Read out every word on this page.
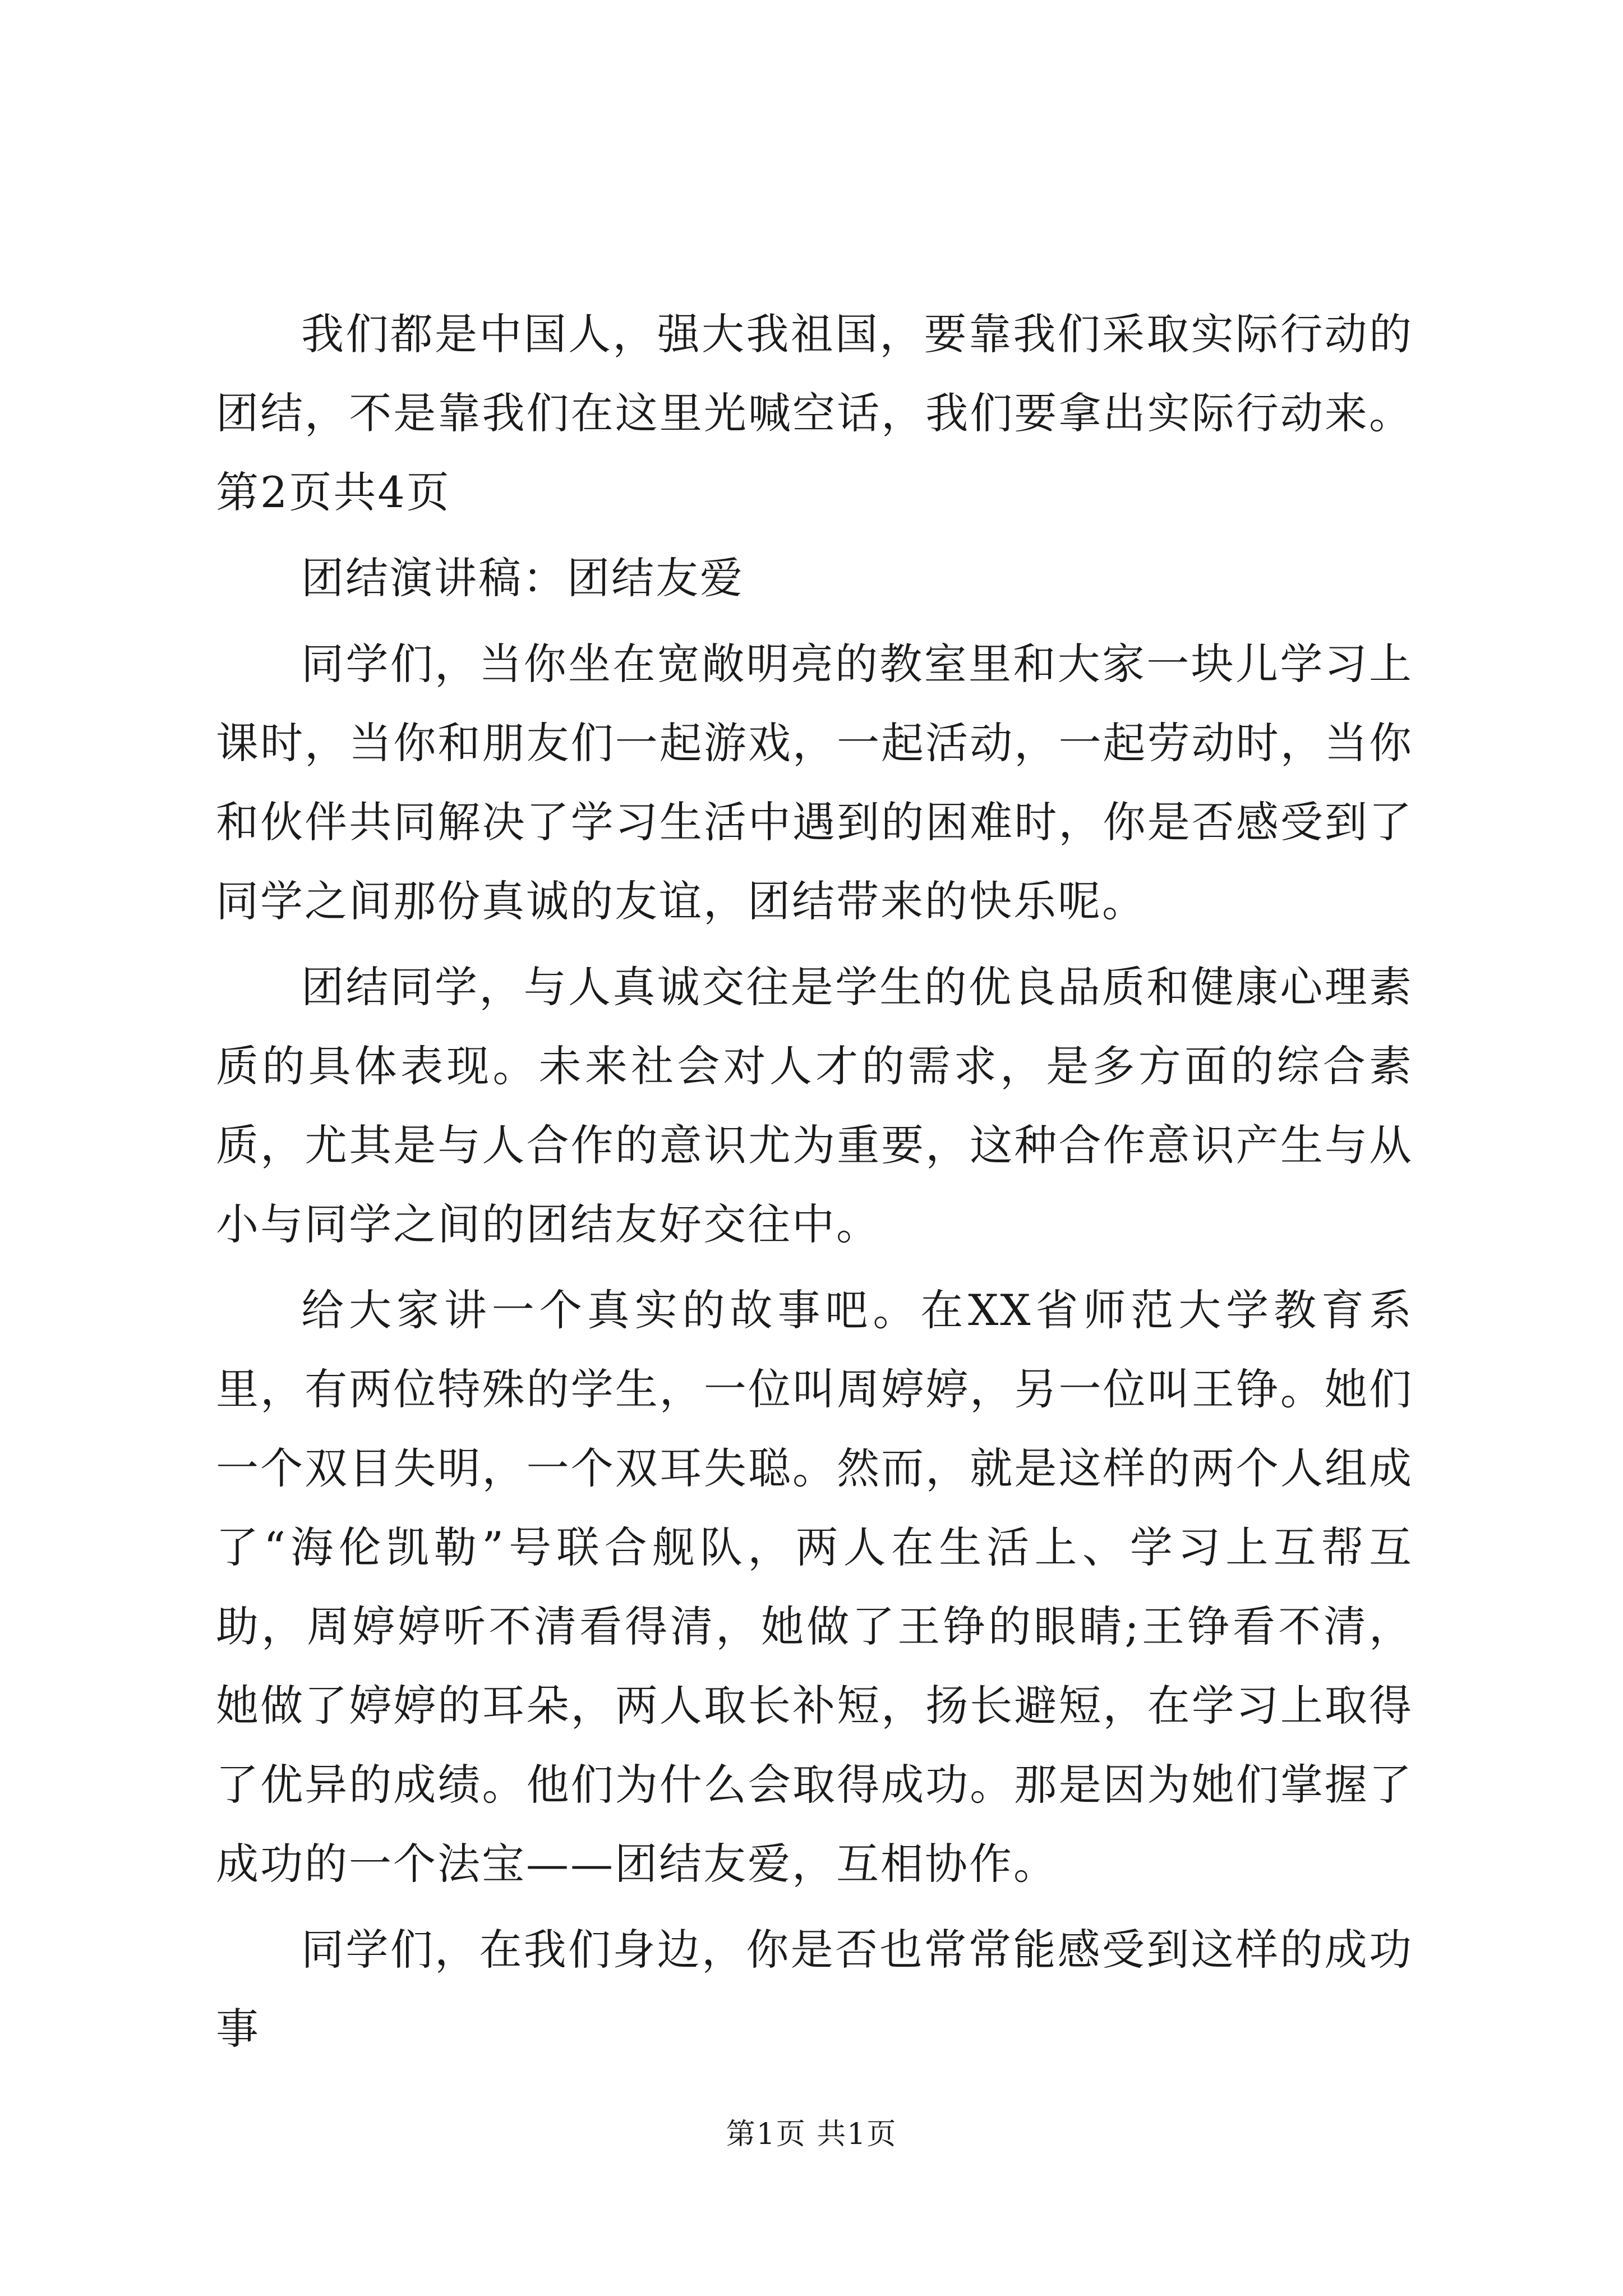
我们都是中国人，强大我祖国，要靠我们采取实际行动的团结，不是靠我们在这里光喊空话，我们要拿出实际行动来。第2页共4页

团结演讲稿：团结友爱

同学们，当你坐在宽敞明亮的教室里和大家一块儿学习上课时，当你和朋友们一起游戏，一起活动，一起劳动时，当你和伙伴共同解决了学习生活中遇到的困难时，你是否感受到了同学之间那份真诚的友谊，团结带来的快乐呢。

团结同学，与人真诚交往是学生的优良品质和健康心理素质的具体表现。未来社会对人才的需求，是多方面的综合素质，尤其是与人合作的意识尤为重要，这种合作意识产生与从小与同学之间的团结友好交往中。

给大家讲一个真实的故事吧。在XX省师范大学教育系里，有两位特殊的学生，一位叫周婷婷，另一位叫王铮。她们一个双目失明，一个双耳失聪。然而，就是这样的两个人组成了“海伦凯勒”号联合舰队，两人在生活上、学习上互帮互助，周婷婷听不清看得清，她做了王铮的眼睛;王铮看不清，她做了婷婷的耳朵，两人取长补短，扬长避短，在学习上取得了优异的成绩。他们为什么会取得成功。那是因为她们掌握了成功的一个法宝——团结友爱，互相协作。

同学们，在我们身边，你是否也常常能感受到这样的成功事

第1页 共1页
